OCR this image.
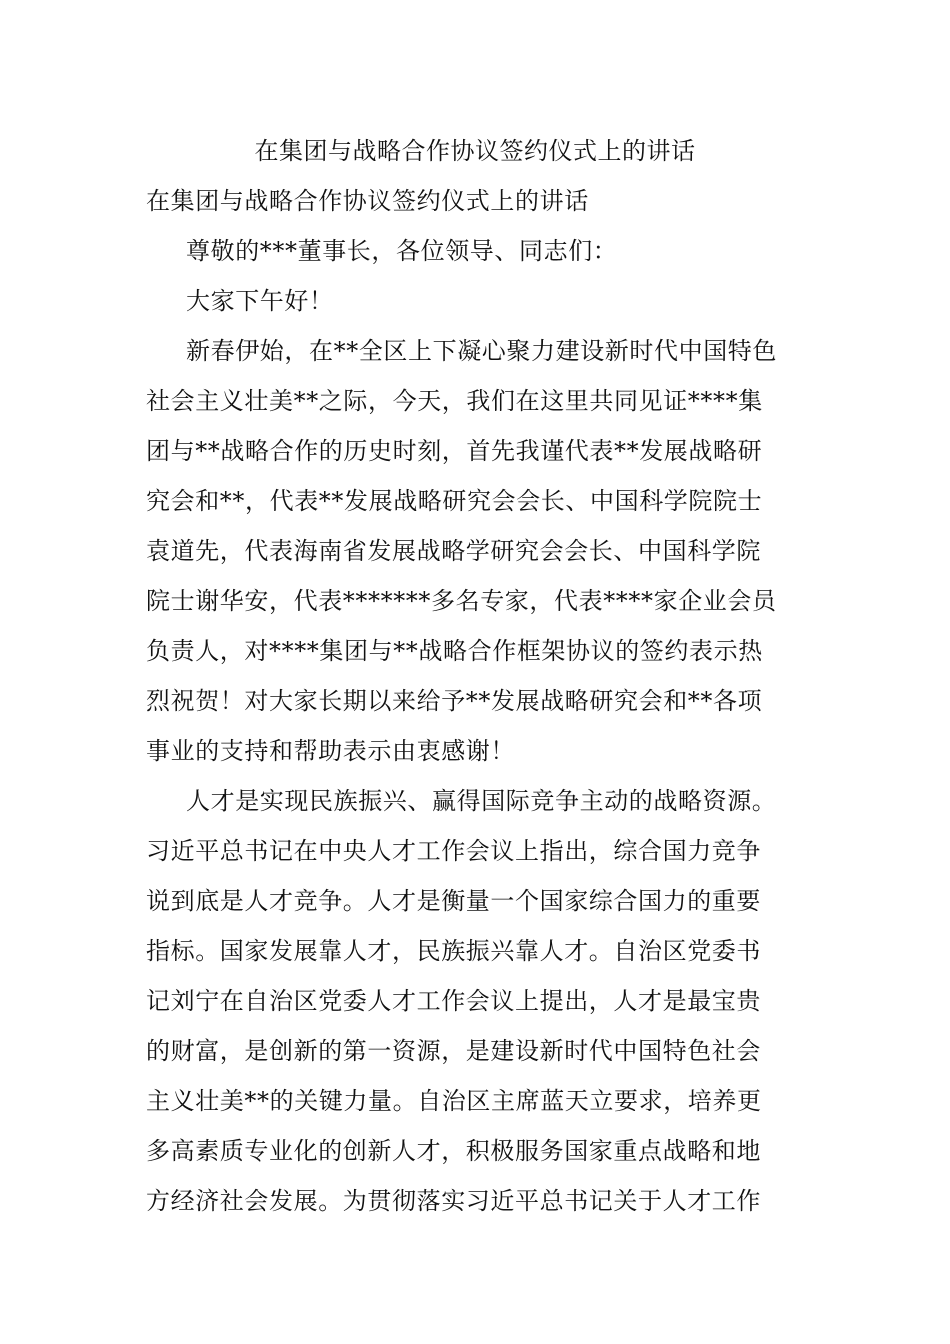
在集团与战略合作协议签约仪式上的讲话
在集团与战略合作协议签约仪式上的讲话
尊敬的***董事长，各位领导、同志们：
大家下午好！
新春伊始，在**全区上下凝心聚力建设新时代中国特色
社会主义壮美**之际，今天，我们在这里共同见证****集
团与**战略合作的历史时刻，首先我谨代表**发展战略研
究会和**，代表**发展战略研究会会长、中国科学院院士
袁道先，代表海南省发展战略学研究会会长、中国科学院
院士谢华安，代表*******多名专家，代表****家企业会员
负责人，对****集团与**战略合作框架协议的签约表示热
烈祝贺！对大家长期以来给予**发展战略研究会和**各项
事业的支持和帮助表示由衷感谢！
人才是实现民族振兴、赢得国际竞争主动的战略资源。
习近平总书记在中央人才工作会议上指出，综合国力竞争
说到底是人才竞争。人才是衡量一个国家综合国力的重要
指标。国家发展靠人才，民族振兴靠人才。自治区党委书
记刘宁在自治区党委人才工作会议上提出，人才是最宝贵
的财富，是创新的第一资源，是建设新时代中国特色社会
主义壮美**的关键力量。自治区主席蓝天立要求，培养更
多高素质专业化的创新人才，积极服务国家重点战略和地
方经济社会发展。为贯彻落实习近平总书记关于人才工作
